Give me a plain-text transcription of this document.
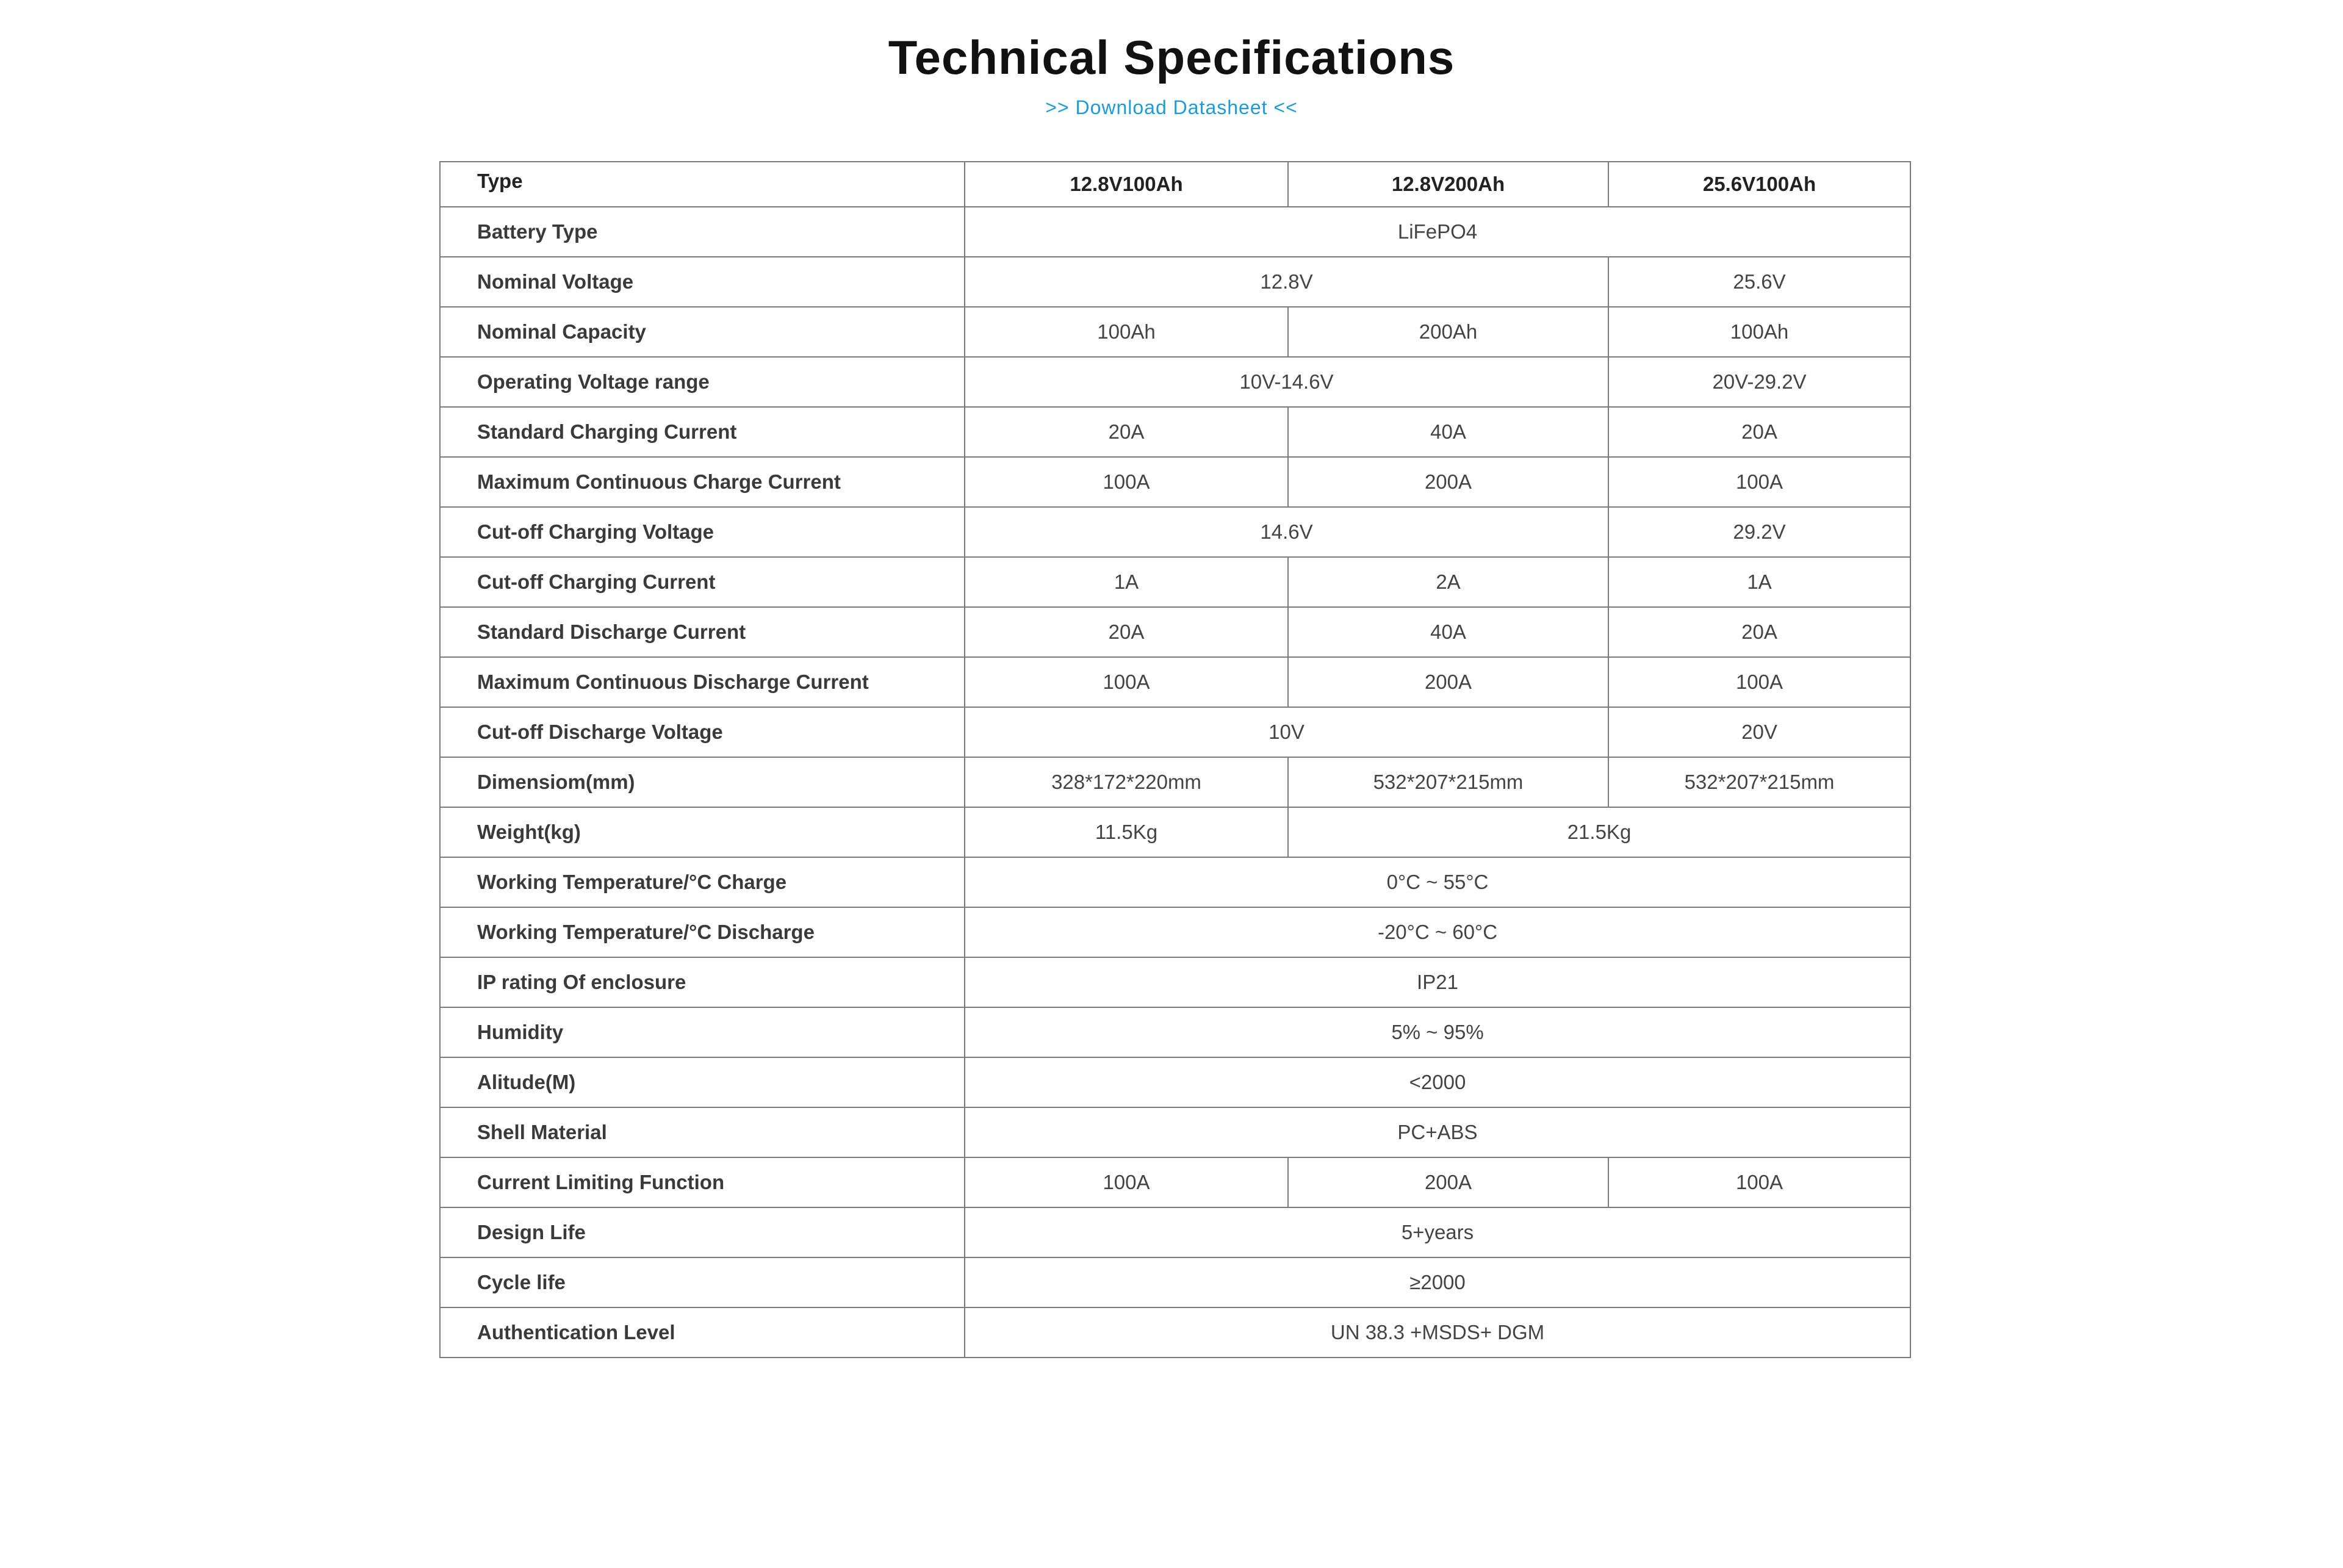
Technical Specifications
>> Download Datasheet <<
Type	12.8V100Ah	12.8V200Ah	25.6V100Ah
Battery Type	LiFePO4		
Nominal Voltage	12.8V		25.6V
Nominal Capacity	100Ah	200Ah	100Ah
Operating Voltage range	10V-14.6V		20V-29.2V
Standard Charging Current	20A	40A	20A
Maximum Continuous Charge Current	100A	200A	100A
Cut-off Charging Voltage	14.6V		29.2V
Cut-off Charging Current	1A	2A	1A
Standard Discharge Current	20A	40A	20A
Maximum Continuous Discharge Current	100A	200A	100A
Cut-off Discharge Voltage	10V		20V
Dimensiom(mm)	328*172*220mm	532*207*215mm	532*207*215mm
Weight(kg)	11.5Kg	21.5Kg	
Working Temperature/°C Charge	0°C ~ 55°C		
Working Temperature/°C Discharge	-20°C ~ 60°C		
IP rating Of enclosure	IP21		
Humidity	5% ~ 95%		
Alitude(M)	<2000		
Shell Material	PC+ABS		
Current Limiting Function	100A	200A	100A
Design Life	5+years		
Cycle life	≥2000		
Authentication Level	UN 38.3 +MSDS+ DGM		
